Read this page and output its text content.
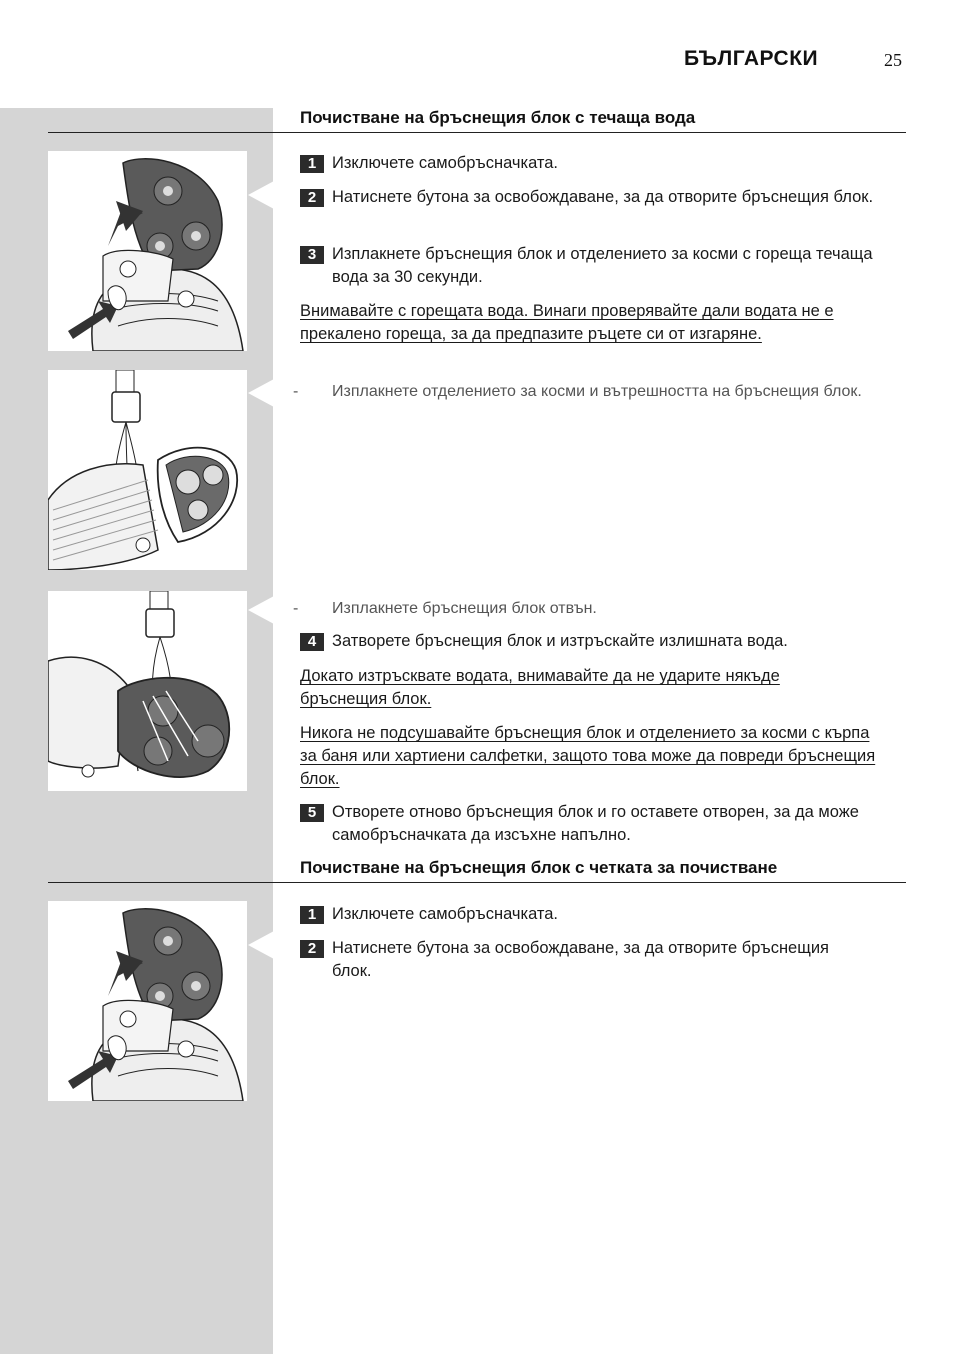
БЪЛГАРСКИ	25
Почистване на бръснещия блок с течаща вода
1 Изключете самобръсначката.
2 Натиснете бутона за освобождаване, за да отворите бръснещия блок.
3 Изплакнете бръснещия блок и отделението за косми с гореща течаща вода за 30 секунди.
Внимавайте с горещата вода. Винаги проверявайте дали водата не е прекалено гореща, за да предпазите ръцете си от изгаряне.
-	Изплакнете отделението за косми и вътрешността на бръснещия блок.
-	Изплакнете бръснещия блок отвън.
4 Затворете бръснещия блок и изтръскайте излишната вода.
Докато изтръсквате водата, внимавайте да не ударите някъде бръснещия блок.
Никога не подсушавайте бръснещия блок и отделението за косми с кърпа за баня или хартиени салфетки, защото това може да повреди бръснещия блок.
5 Отворете отново бръснещия блок и го оставете отворен, за да може самобръсначката да изсъхне напълно.
Почистване на бръснещия блок с четката за почистване
1 Изключете самобръсначката.
2 Натиснете бутона за освобождаване, за да отворите бръснещия блок.
